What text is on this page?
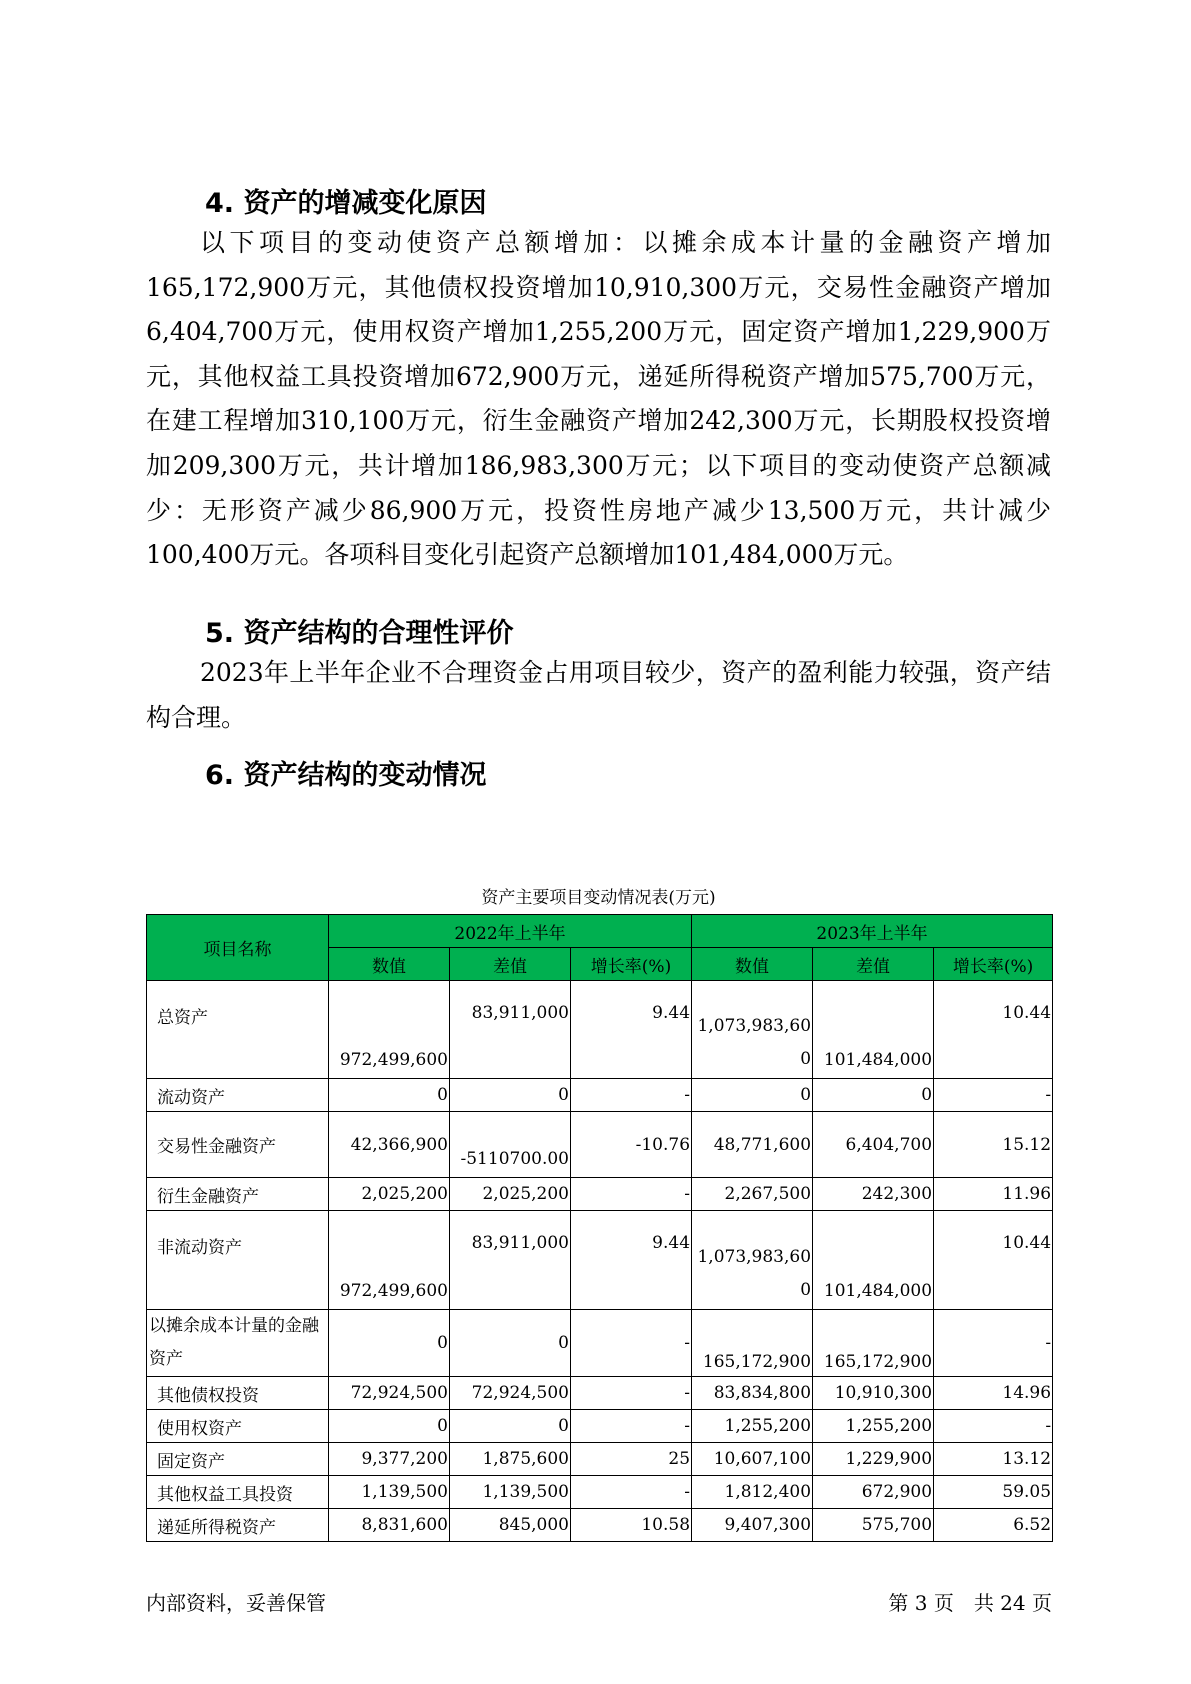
4. 资产的增减变化原因

以下项目的变动使资产总额增加：以摊余成本计量的金融资产增加165,172,900万元，其他债权投资增加10,910,300万元，交易性金融资产增加6,404,700万元，使用权资产增加1,255,200万元，固定资产增加1,229,900万元，其他权益工具投资增加672,900万元，递延所得税资产增加575,700万元，在建工程增加310,100万元，衍生金融资产增加242,300万元，长期股权投资增加209,300万元，共计增加186,983,300万元；以下项目的变动使资产总额减少：无形资产减少86,900万元，投资性房地产减少13,500万元，共计减少100,400万元。各项科目变化引起资产总额增加101,484,000万元。

5. 资产结构的合理性评价

2023年上半年企业不合理资金占用项目较少，资产的盈利能力较强，资产结构合理。

6. 资产结构的变动情况
资产主要项目变动情况表(万元)
项目名称	2022年上半年			2023年上半年		
	数值	差值	增长率(%)	数值	差值	增长率(%)
总资产	972,499,600	83,911,000	9.44	1,073,983,600	101,484,000	10.44
流动资产	0	0	-	0	0	-
交易性金融资产	42,366,900	-5110700.00	-10.76	48,771,600	6,404,700	15.12
衍生金融资产	2,025,200	2,025,200	-	2,267,500	242,300	11.96
非流动资产	972,499,600	83,911,000	9.44	1,073,983,600	101,484,000	10.44
以摊余成本计量的金融资产	0	0	-	165,172,900	165,172,900	-
其他债权投资	72,924,500	72,924,500	-	83,834,800	10,910,300	14.96
使用权资产	0	0	-	1,255,200	1,255,200	-
固定资产	9,377,200	1,875,600	25	10,607,100	1,229,900	13.12
其他权益工具投资	1,139,500	1,139,500	-	1,812,400	672,900	59.05
递延所得税资产	8,831,600	845,000	10.58	9,407,300	575,700	6.52
内部资料，妥善保管	第 3 页　共 24 页
